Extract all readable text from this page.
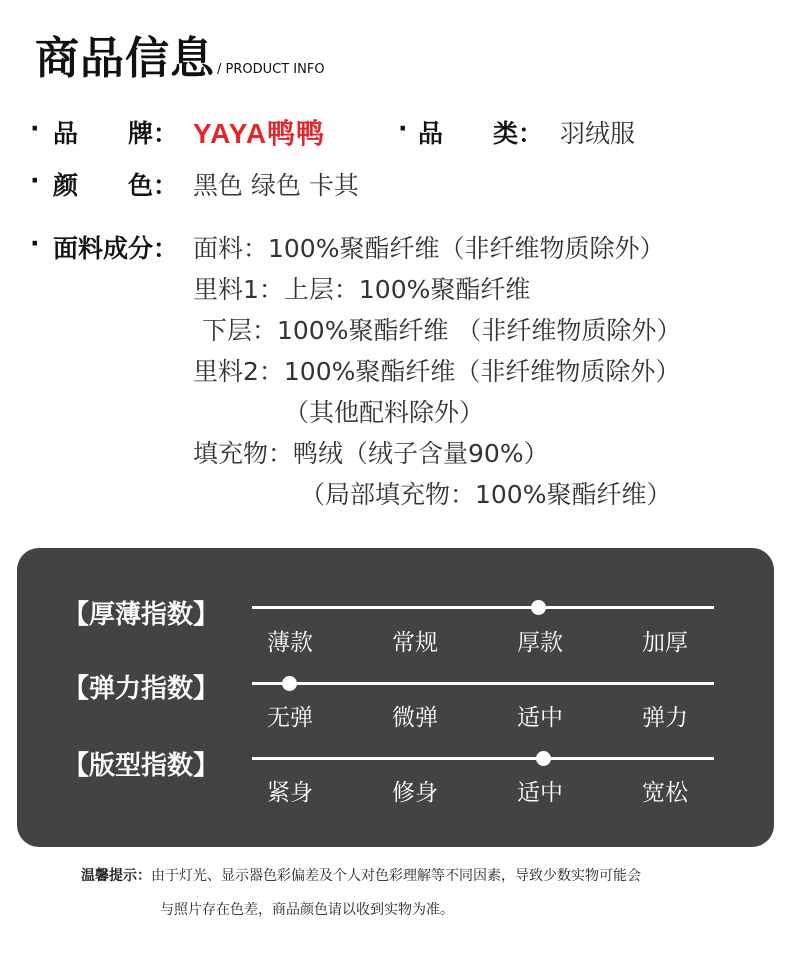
商品信息 / PRODUCT INFO
· 品　　牌： YAYA鸭鸭	· 品　　类： 羽绒服
· 颜　　色： 黑色 绿色 卡其
· 面料成分： 面料：100%聚酯纤维（非纤维物质除外）
里料1：上层：100%聚酯纤维
下层：100%聚酯纤维 （非纤维物质除外）
里料2：100%聚酯纤维（非纤维物质除外）
（其他配料除外）
填充物：鸭绒（绒子含量90%）
（局部填充物：100%聚酯纤维）
【厚薄指数】
薄款	常规	厚款	加厚
【弹力指数】
无弹	微弹	适中	弹力
【版型指数】
紧身	修身	适中	宽松
温馨提示：由于灯光、显示器色彩偏差及个人对色彩理解等不同因素，导致少数实物可能会
与照片存在色差，商品颜色请以收到实物为准。
